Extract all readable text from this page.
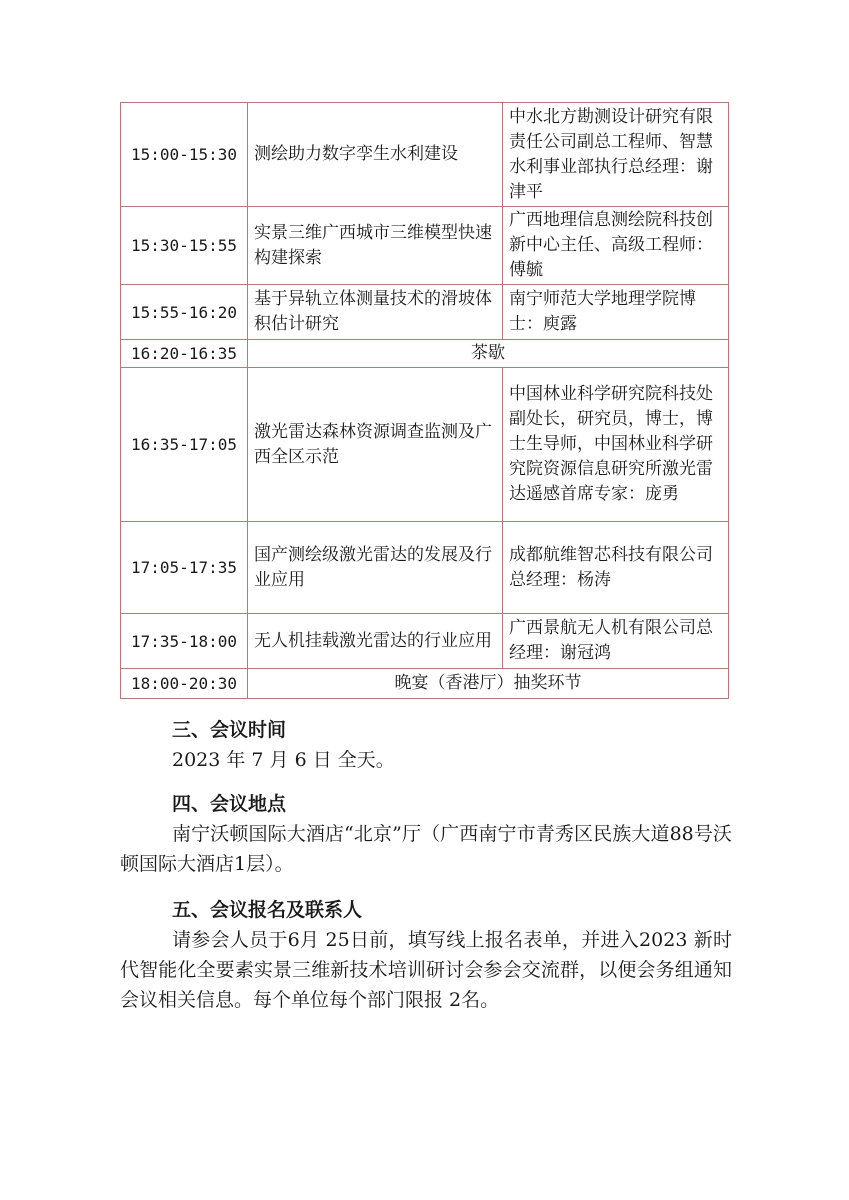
15:00-15:30	测绘助力数字孪生水利建设	中水北方勘测设计研究有限责任公司副总工程师、智慧水利事业部执行总经理：谢津平
15:30-15:55	实景三维广西城市三维模型快速构建探索	广西地理信息测绘院科技创新中心主任、高级工程师：傅毓
15:55-16:20	基于异轨立体测量技术的滑坡体积估计研究	南宁师范大学地理学院博士：庾露
16:20-16:35	茶歇	
16:35-17:05	激光雷达森林资源调查监测及广西全区示范	中国林业科学研究院科技处副处长，研究员，博士，博士生导师，中国林业科学研究院资源信息研究所激光雷达遥感首席专家：庞勇
17:05-17:35	国产测绘级激光雷达的发展及行业应用	成都航维智芯科技有限公司总经理：杨涛
17:35-18:00	无人机挂载激光雷达的行业应用	广西景航无人机有限公司总经理：谢冠鸿
18:00-20:30	晚宴（香港厅）抽奖环节	
三、会议时间
2023 年 7 月 6 日 全天。
四、会议地点
南宁沃顿国际大酒店“北京”厅（广西南宁市青秀区民族大道88号沃顿国际大酒店1层）。
五、会议报名及联系人
请参会人员于6月 25日前，填写线上报名表单，并进入2023 新时代智能化全要素实景三维新技术培训研讨会参会交流群，以便会务组通知会议相关信息。每个单位每个部门限报 2名。
